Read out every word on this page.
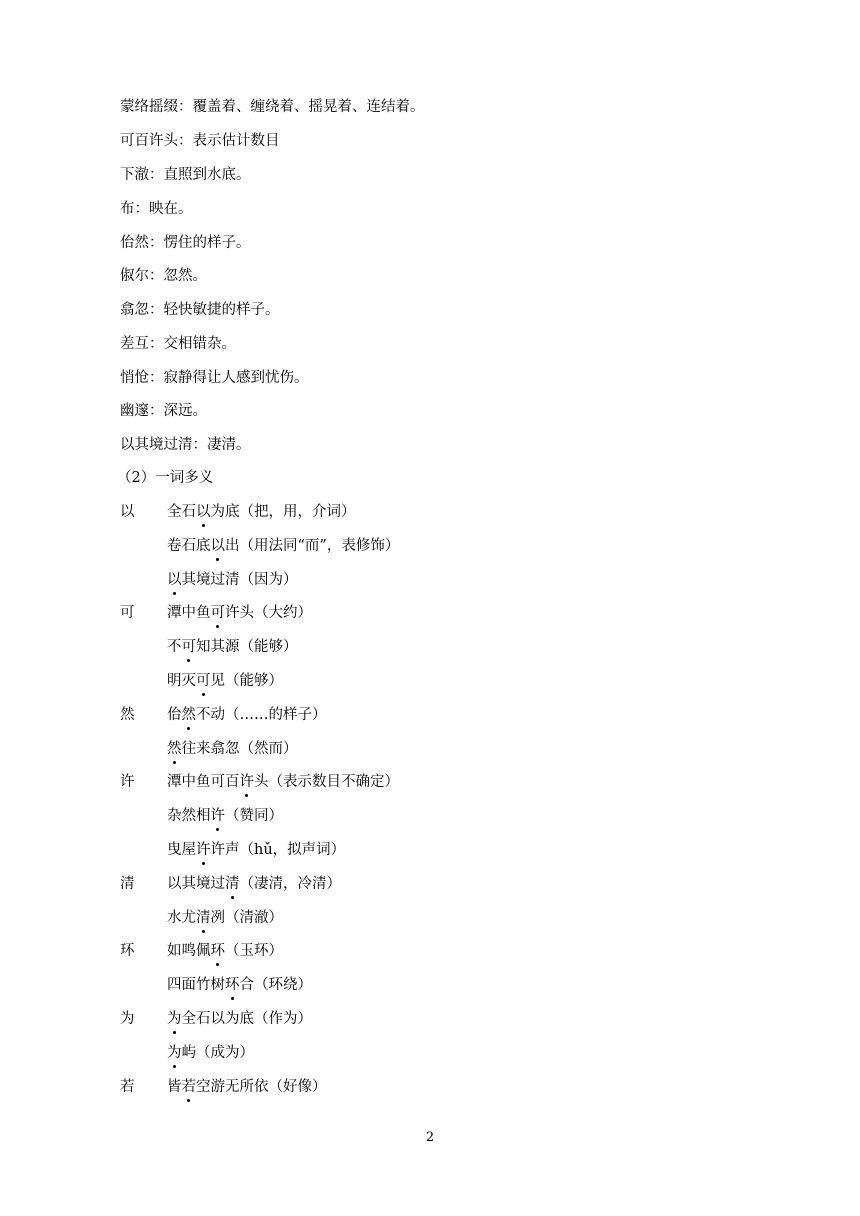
蒙络摇缀：覆盖着、缠绕着、摇晃着、连结着。
可百许头：表示估计数目
下澈：直照到水底。
布：映在。
佁然：愣住的样子。
俶尔：忽然。
翕忽：轻快敏捷的样子。
差互：交相错杂。
悄怆：寂静得让人感到忧伤。
幽邃：深远。
以其境过清：凄清。
（2）一词多义
以	全石以为底（把，用，介词）
卷石底以出（用法同“而”，表修饰）
以其境过清（因为）
可	潭中鱼可许头（大约）
不可知其源（能够）
明灭可见（能够）
然	佁然不动（……的样子）
然往来翕忽（然而）
许	潭中鱼可百许头（表示数目不确定）
杂然相许（赞同）
曳屋许许声（hǔ，拟声词）
清	以其境过清（凄清，冷清）
水尤清冽（清澈）
环	如鸣佩环（玉环）
四面竹树环合（环绕）
为	为全石以为底（作为）
为屿（成为）
若	皆若空游无所依（好像）
2
